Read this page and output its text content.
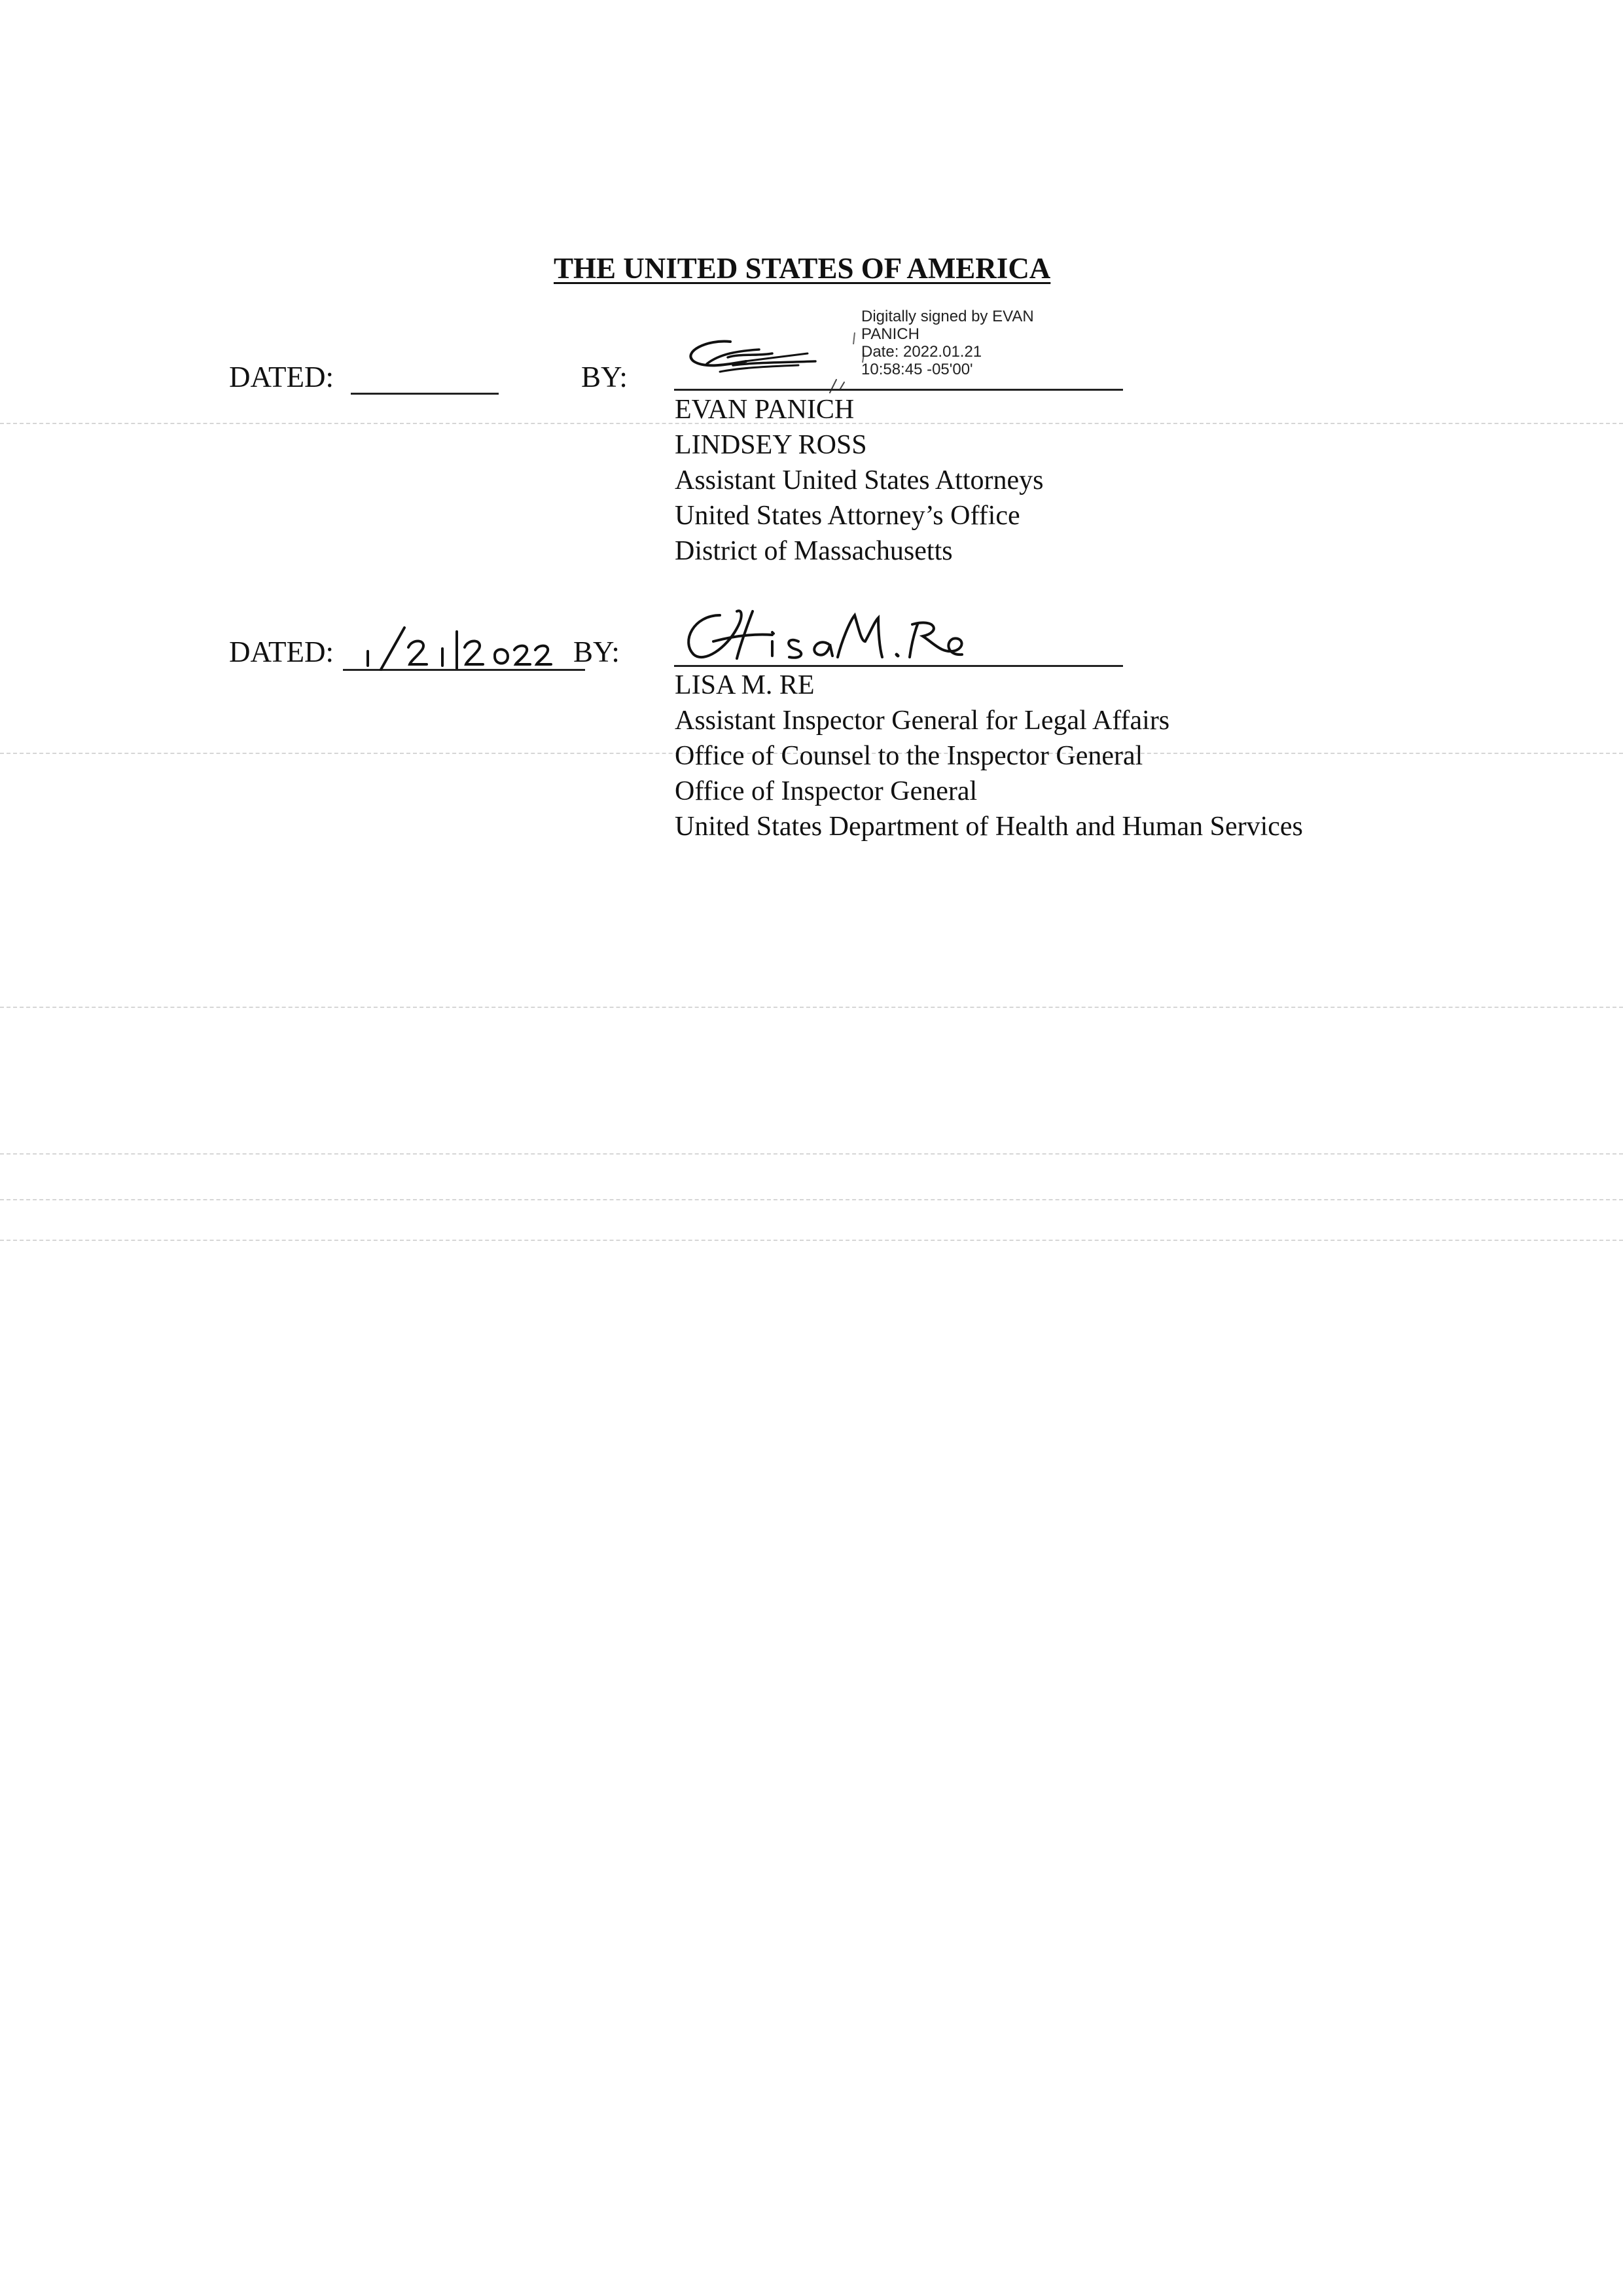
THE UNITED STATES OF AMERICA
DATED:	BY:
Digitally signed by EVAN
PANICH
Date: 2022.01.21
10:58:45 -05'00'
EVAN PANICH
LINDSEY ROSS
Assistant United States Attorneys
United States Attorney’s Office
District of Massachusetts
DATED:	BY:
LISA M. RE
Assistant Inspector General for Legal Affairs
Office of Counsel to the Inspector General
Office of Inspector General
United States Department of Health and Human Services
